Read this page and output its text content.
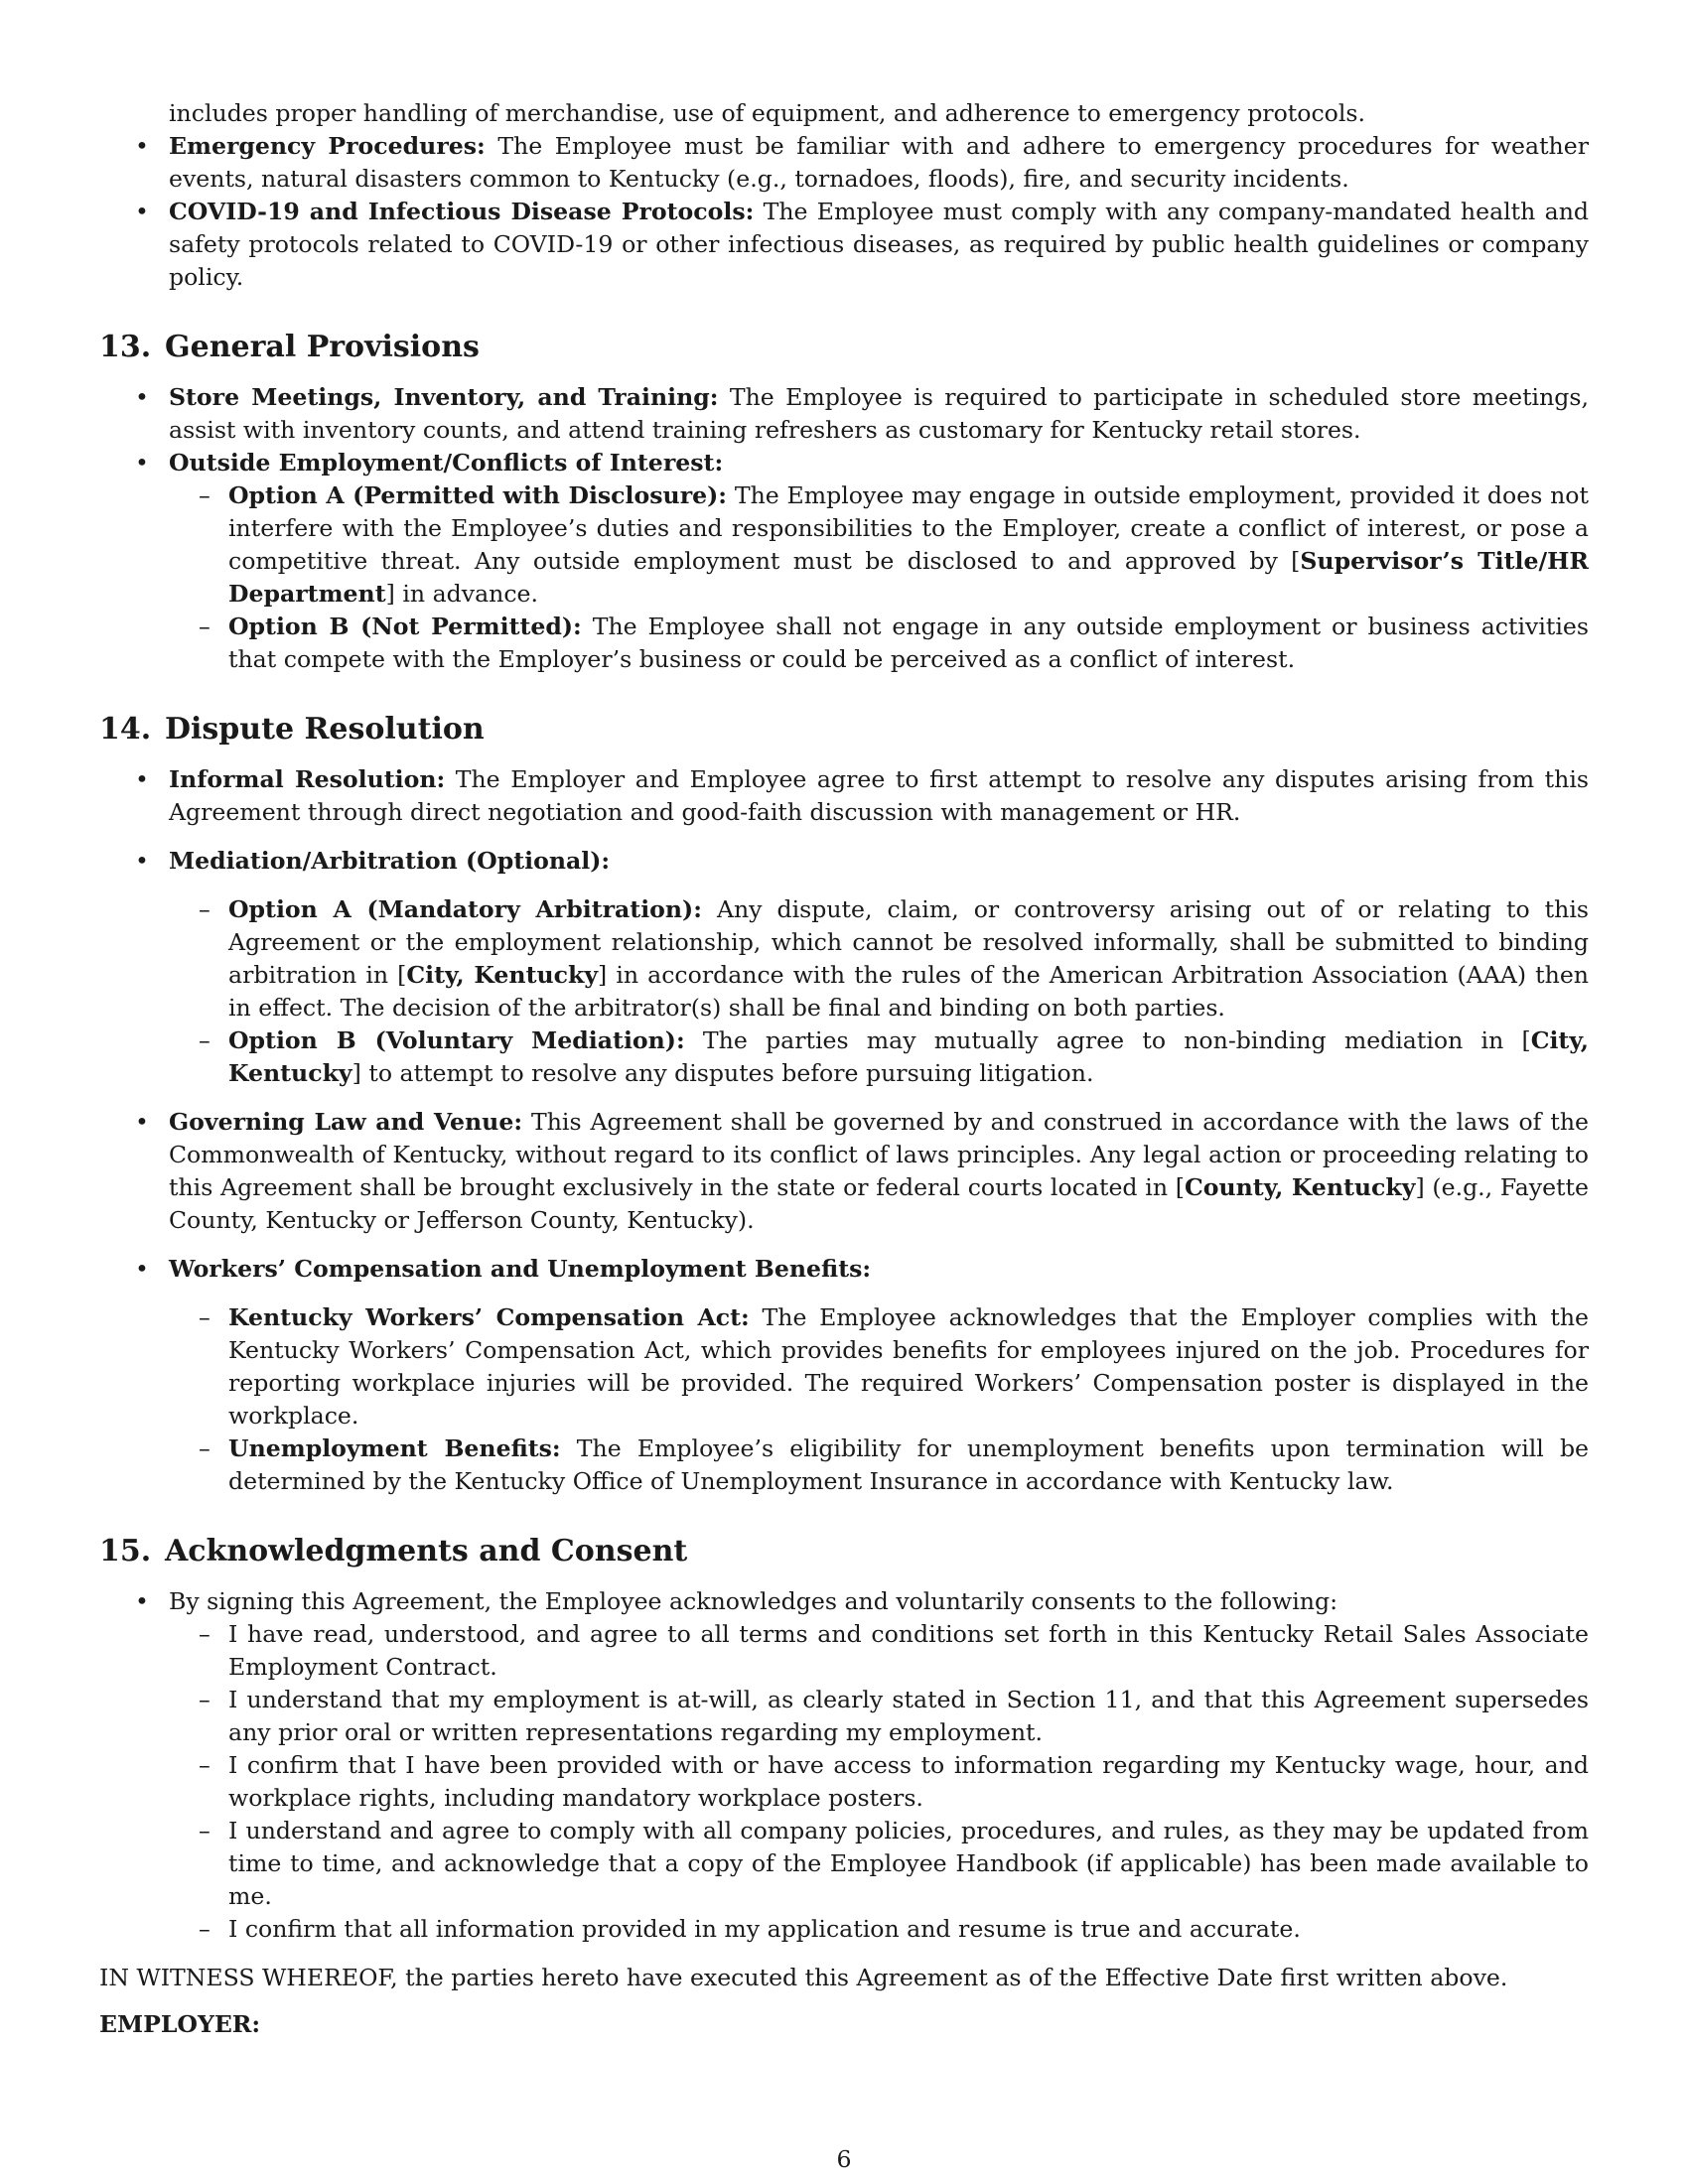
includes proper handling of merchandise, use of equipment, and adherence to emergency protocols.
• Emergency Procedures: The Employee must be familiar with and adhere to emergency procedures for weather events, natural disasters common to Kentucky (e.g., tornadoes, floods), fire, and security incidents.
• COVID-19 and Infectious Disease Protocols: The Employee must comply with any company-mandated health and safety protocols related to COVID-19 or other infectious diseases, as required by public health guidelines or company policy.
13. General Provisions
• Store Meetings, Inventory, and Training: The Employee is required to participate in scheduled store meetings, assist with inventory counts, and attend training refreshers as customary for Kentucky retail stores.
• Outside Employment/Conflicts of Interest:
– Option A (Permitted with Disclosure): The Employee may engage in outside employment, provided it does not interfere with the Employee’s duties and responsibilities to the Employer, create a conflict of interest, or pose a competitive threat. Any outside employment must be disclosed to and approved by [Supervisor’s Title/HR Department] in advance.
– Option B (Not Permitted): The Employee shall not engage in any outside employment or business activities that compete with the Employer’s business or could be perceived as a conflict of interest.
14. Dispute Resolution
• Informal Resolution: The Employer and Employee agree to first attempt to resolve any disputes arising from this Agreement through direct negotiation and good-faith discussion with management or HR.
• Mediation/Arbitration (Optional):
– Option A (Mandatory Arbitration): Any dispute, claim, or controversy arising out of or relating to this Agreement or the employment relationship, which cannot be resolved informally, shall be submitted to binding arbitration in [City, Kentucky] in accordance with the rules of the American Arbitration Association (AAA) then in effect. The decision of the arbitrator(s) shall be final and binding on both parties.
– Option B (Voluntary Mediation): The parties may mutually agree to non-binding mediation in [City, Kentucky] to attempt to resolve any disputes before pursuing litigation.
• Governing Law and Venue: This Agreement shall be governed by and construed in accordance with the laws of the Commonwealth of Kentucky, without regard to its conflict of laws principles. Any legal action or proceeding relating to this Agreement shall be brought exclusively in the state or federal courts located in [County, Kentucky] (e.g., Fayette County, Kentucky or Jefferson County, Kentucky).
• Workers’ Compensation and Unemployment Benefits:
– Kentucky Workers’ Compensation Act: The Employee acknowledges that the Employer complies with the Kentucky Workers’ Compensation Act, which provides benefits for employees injured on the job. Procedures for reporting workplace injuries will be provided. The required Workers’ Compensation poster is displayed in the workplace.
– Unemployment Benefits: The Employee’s eligibility for unemployment benefits upon termination will be determined by the Kentucky Office of Unemployment Insurance in accordance with Kentucky law.
15. Acknowledgments and Consent
• By signing this Agreement, the Employee acknowledges and voluntarily consents to the following:
– I have read, understood, and agree to all terms and conditions set forth in this Kentucky Retail Sales Associate Employment Contract.
– I understand that my employment is at-will, as clearly stated in Section 11, and that this Agreement supersedes any prior oral or written representations regarding my employment.
– I confirm that I have been provided with or have access to information regarding my Kentucky wage, hour, and workplace rights, including mandatory workplace posters.
– I understand and agree to comply with all company policies, procedures, and rules, as they may be updated from time to time, and acknowledge that a copy of the Employee Handbook (if applicable) has been made available to me.
– I confirm that all information provided in my application and resume is true and accurate.

IN WITNESS WHEREOF, the parties hereto have executed this Agreement as of the Effective Date first written above.

EMPLOYER:

6
